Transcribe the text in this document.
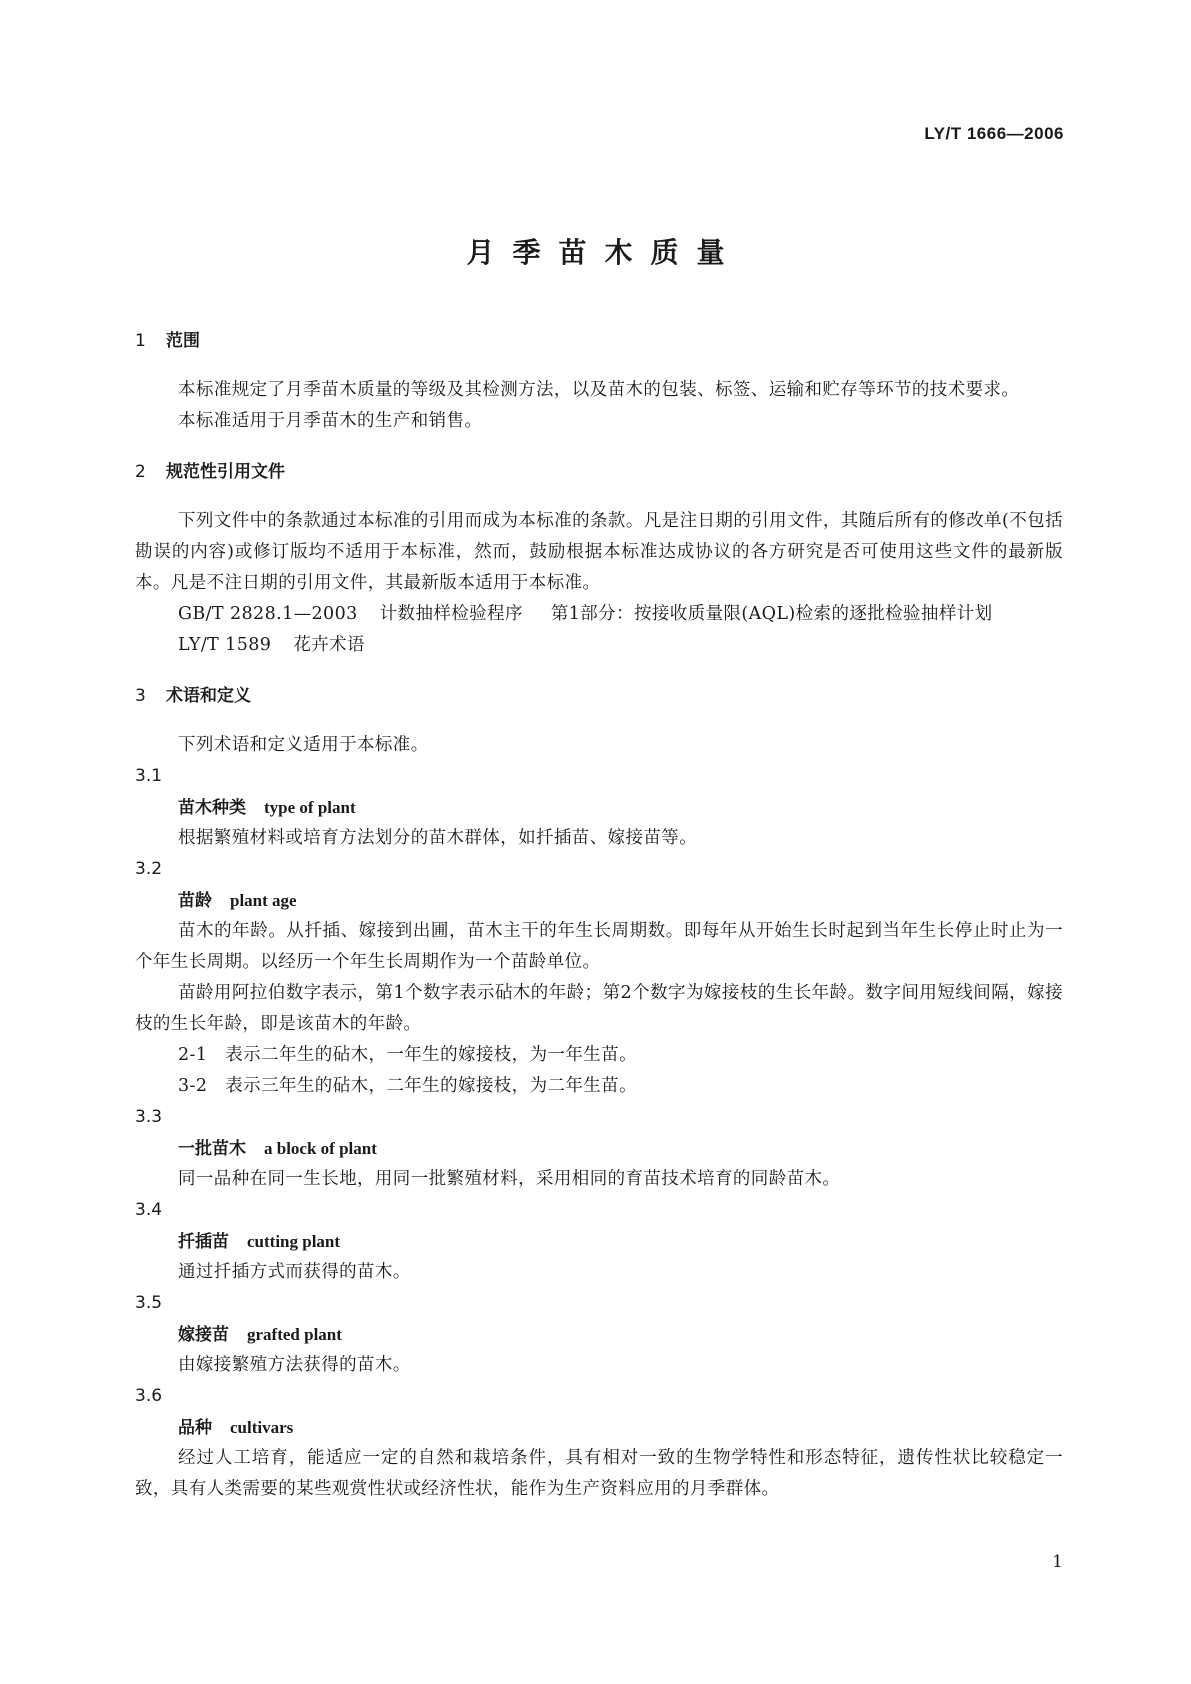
LY/T 1666—2006
月季苗木质量
1 范围
本标准规定了月季苗木质量的等级及其检测方法，以及苗木的包装、标签、运输和贮存等环节的技术要求。
本标准适用于月季苗木的生产和销售。
2 规范性引用文件
下列文件中的条款通过本标准的引用而成为本标准的条款。凡是注日期的引用文件，其随后所有的修改单(不包括勘误的内容)或修订版均不适用于本标准，然而，鼓励根据本标准达成协议的各方研究是否可使用这些文件的最新版本。凡是不注日期的引用文件，其最新版本适用于本标准。
GB/T 2828.1—2003 计数抽样检验程序 第1部分：按接收质量限(AQL)检索的逐批检验抽样计划
LY/T 1589 花卉术语
3 术语和定义
下列术语和定义适用于本标准。
3.1
苗木种类 type of plant
根据繁殖材料或培育方法划分的苗木群体，如扦插苗、嫁接苗等。
3.2
苗龄 plant age
苗木的年龄。从扦插、嫁接到出圃，苗木主干的年生长周期数。即每年从开始生长时起到当年生长停止时止为一个年生长周期。以经历一个年生长周期作为一个苗龄单位。
苗龄用阿拉伯数字表示，第1个数字表示砧木的年龄；第2个数字为嫁接枝的生长年龄。数字间用短线间隔，嫁接枝的生长年龄，即是该苗木的年龄。
2-1　表示二年生的砧木，一年生的嫁接枝，为一年生苗。
3-2　表示三年生的砧木，二年生的嫁接枝，为二年生苗。
3.3
一批苗木 a block of plant
同一品种在同一生长地，用同一批繁殖材料，采用相同的育苗技术培育的同龄苗木。
3.4
扦插苗 cutting plant
通过扦插方式而获得的苗木。
3.5
嫁接苗 grafted plant
由嫁接繁殖方法获得的苗木。
3.6
品种 cultivars
经过人工培育，能适应一定的自然和栽培条件，具有相对一致的生物学特性和形态特征，遗传性状比较稳定一致，具有人类需要的某些观赏性状或经济性状，能作为生产资料应用的月季群体。
1
